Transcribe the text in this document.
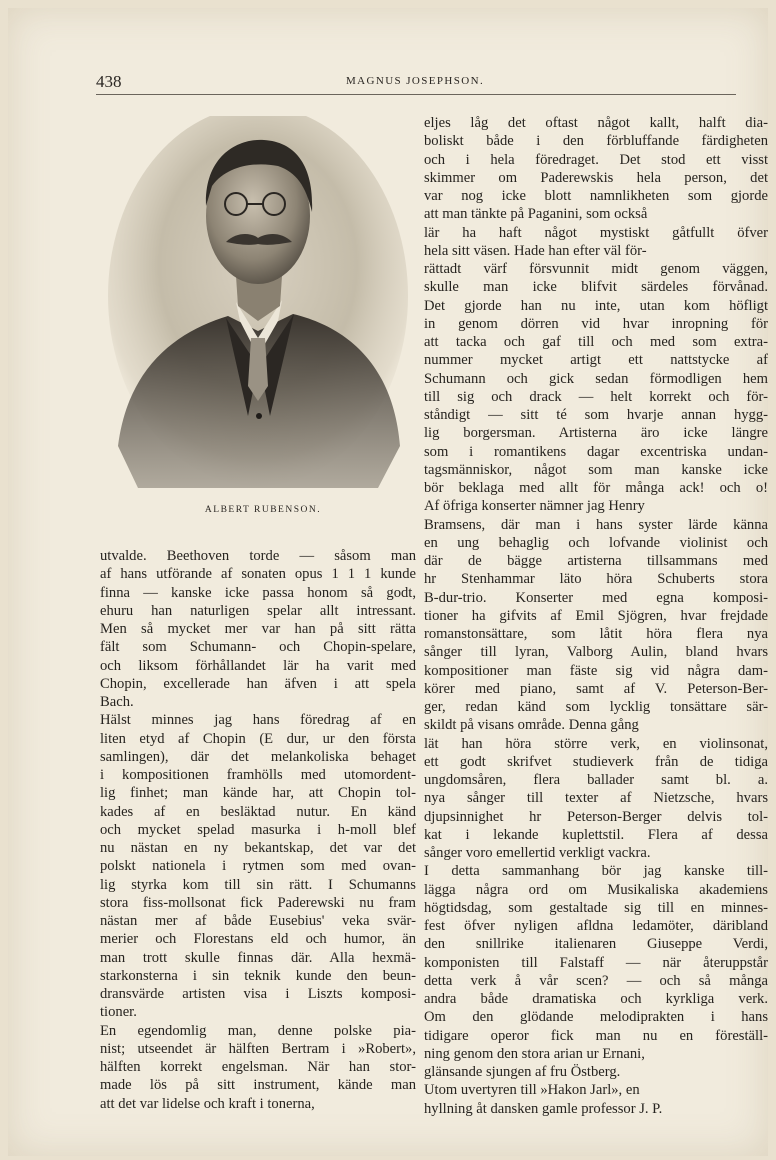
438	MAGNUS JOSEPHSON.
ALBERT RUBENSON.
utvalde. Beethoven torde — såsom man
af hans utförande af sonaten opus 1 1 1 kunde
finna — kanske icke passa honom så godt,
ehuru han naturligen spelar allt intressant.
Men så mycket mer var han på sitt rätta
fält som Schumann- och Chopin-spelare,
och liksom förhållandet lär ha varit med
Chopin, excellerade han äfven i att spela
Bach.
Hälst minnes jag hans föredrag af en
liten etyd af Chopin (E dur, ur den första
samlingen), där det melankoliska behaget
i kompositionen framhölls med utomordent-
lig finhet; man kände har, att Chopin tol-
kades af en besläktad nutur. En känd
och mycket spelad masurka i h-moll blef
nu nästan en ny bekantskap, det var det
polskt nationela i rytmen som med ovan-
lig styrka kom till sin rätt. I Schumanns
stora fiss-mollsonat fick Paderewski nu fram
nästan mer af både Eusebius' veka svär-
merier och Florestans eld och humor, än
man trott skulle finnas där. Alla hexmä-
starkonsterna i sin teknik kunde den beun-
dransvärde artisten visa i Liszts komposi-
tioner.
En egendomlig man, denne polske pia-
nist; utseendet är hälften Bertram i »Robert»,
hälften korrekt engelsman. När han stor-
made lös på sitt instrument, kände man
att det var lidelse och kraft i tonerna,
eljes låg det oftast något kallt, halft dia-
boliskt både i den förbluffande färdigheten
och i hela föredraget. Det stod ett visst
skimmer om Paderewskis hela person, det
var nog icke blott namnlikheten som gjorde
att man tänkte på Paganini, som också
lär ha haft något mystiskt gåtfullt öfver
hela sitt väsen. Hade han efter väl för-
rättadt värf försvunnit midt genom väggen,
skulle man icke blifvit särdeles förvånad.
Det gjorde han nu inte, utan kom höfligt
in genom dörren vid hvar inropning för
att tacka och gaf till och med som extra-
nummer mycket artigt ett nattstycke af
Schumann och gick sedan förmodligen hem
till sig och drack — helt korrekt och för-
ståndigt — sitt té som hvarje annan hygg-
lig borgersman. Artisterna äro icke längre
som i romantikens dagar excentriska undan-
tagsmänniskor, något som man kanske icke
bör beklaga med allt för många ack! och o!
Af öfriga konserter nämner jag Henry
Bramsens, där man i hans syster lärde känna
en ung behaglig och lofvande violinist och
där de bägge artisterna tillsammans med
hr Stenhammar läto höra Schuberts stora
B-dur-trio. Konserter med egna komposi-
tioner ha gifvits af Emil Sjögren, hvar frejdade
romanstonsättare, som låtit höra flera nya
sånger till lyran, Valborg Aulin, bland hvars
kompositioner man fäste sig vid några dam-
körer med piano, samt af V. Peterson-Ber-
ger, redan känd som lycklig tonsättare sär-
skildt på visans område. Denna gång
lät han höra större verk, en violinsonat,
ett godt skrifvet studieverk från de tidiga
ungdomsåren, flera ballader samt bl. a.
nya sånger till texter af Nietzsche, hvars
djupsinnighet hr Peterson-Berger delvis tol-
kat i lekande kuplettstil. Flera af dessa
sånger voro emellertid verkligt vackra.
I detta sammanhang bör jag kanske till-
lägga några ord om Musikaliska akademiens
högtidsdag, som gestaltade sig till en minnes-
fest öfver nyligen afldna ledamöter, däribland
den snillrike italienaren Giuseppe Verdi,
komponisten till Falstaff — när återuppstår
detta verk å vår scen? — och så många
andra både dramatiska och kyrkliga verk.
Om den glödande melodiprakten i hans
tidigare operor fick man nu en föreställ-
ning genom den stora arian ur Ernani,
glänsande sjungen af fru Östberg.
Utom uvertyren till »Hakon Jarl», en
hyllning åt dansken gamle professor J. P.
